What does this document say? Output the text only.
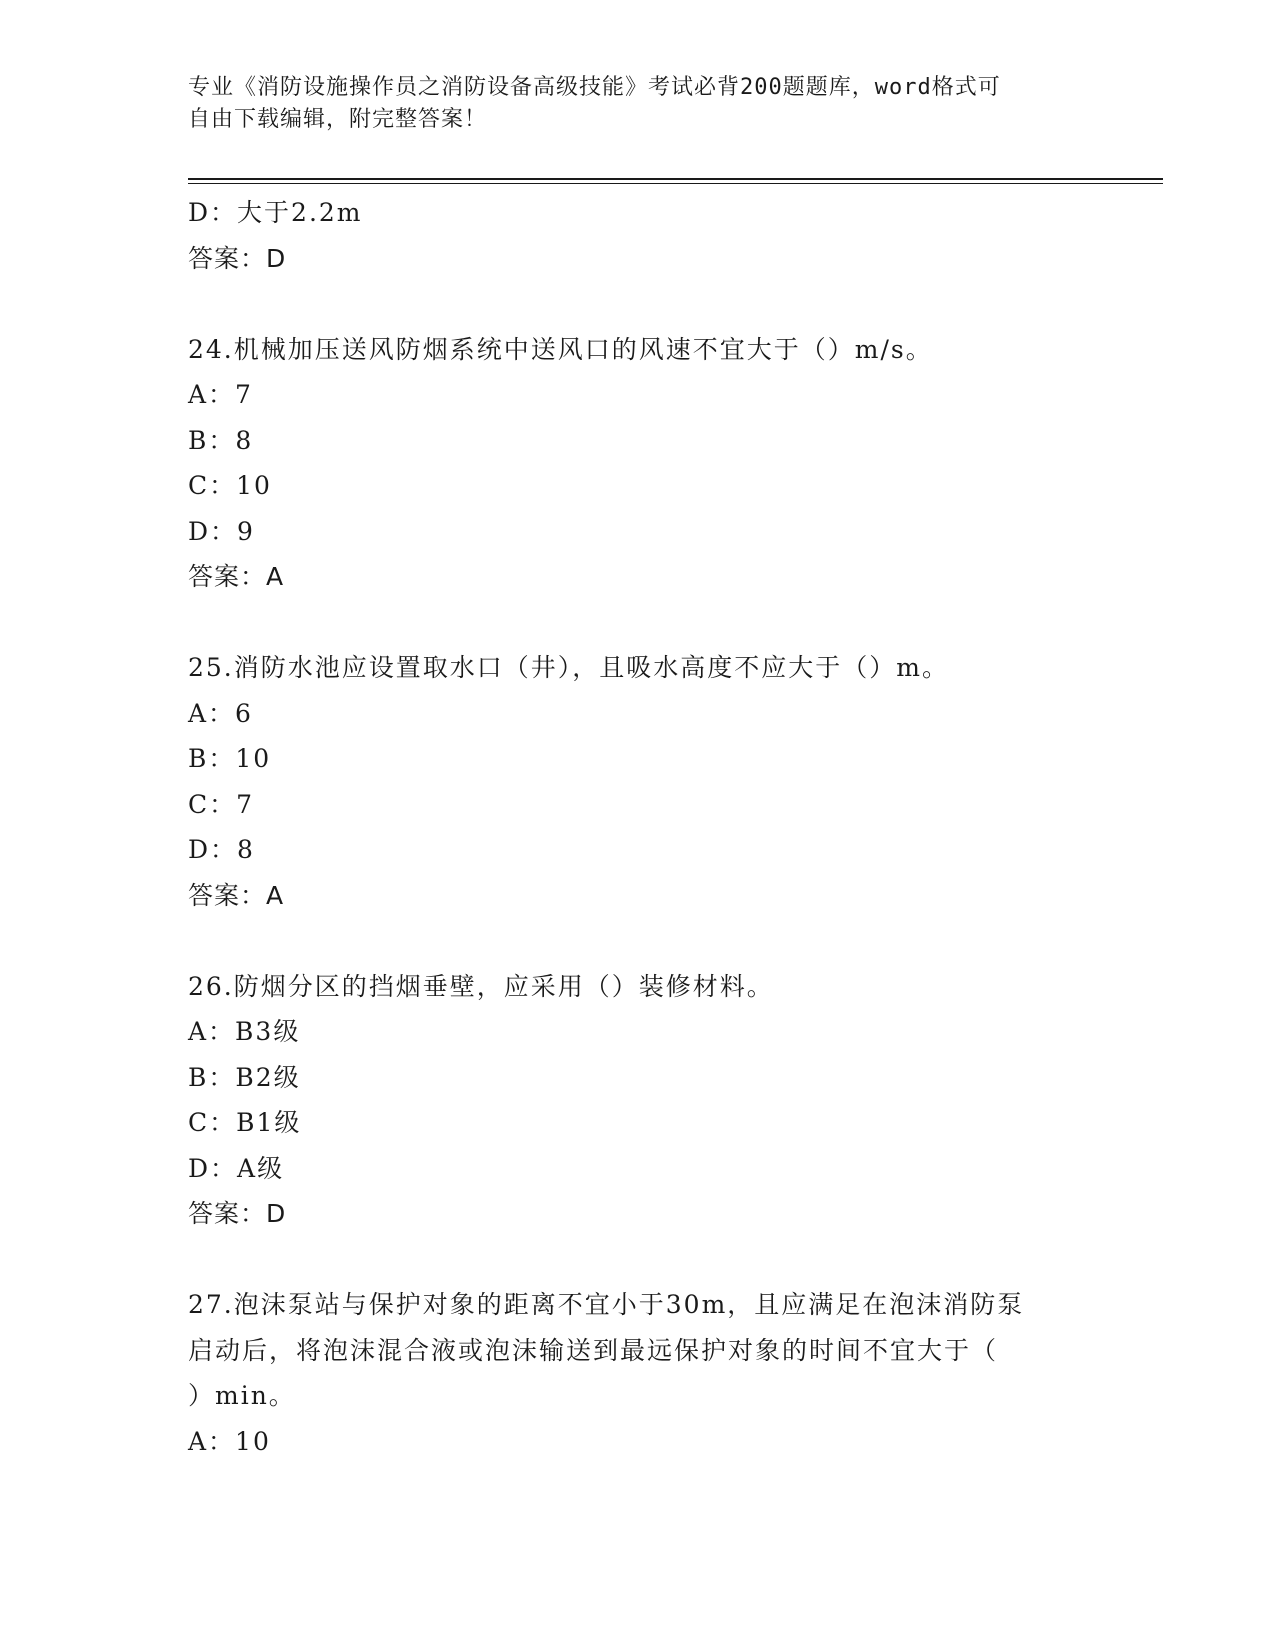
专业《消防设施操作员之消防设备高级技能》考试必背200题题库，word格式可
自由下载编辑，附完整答案！
D：大于2.2m
答案：D
24.机械加压送风防烟系统中送风口的风速不宜大于（）m/s。
A：7
B：8
C：10
D：9
答案：A
25.消防水池应设置取水口（井），且吸水高度不应大于（）m。
A：6
B：10
C：7
D：8
答案：A
26.防烟分区的挡烟垂壁，应采用（）装修材料。
A：B3级
B：B2级
C：B1级
D：A级
答案：D
27.泡沫泵站与保护对象的距离不宜小于30m，且应满足在泡沫消防泵
启动后，将泡沫混合液或泡沫输送到最远保护对象的时间不宜大于（
）min。
A：10
